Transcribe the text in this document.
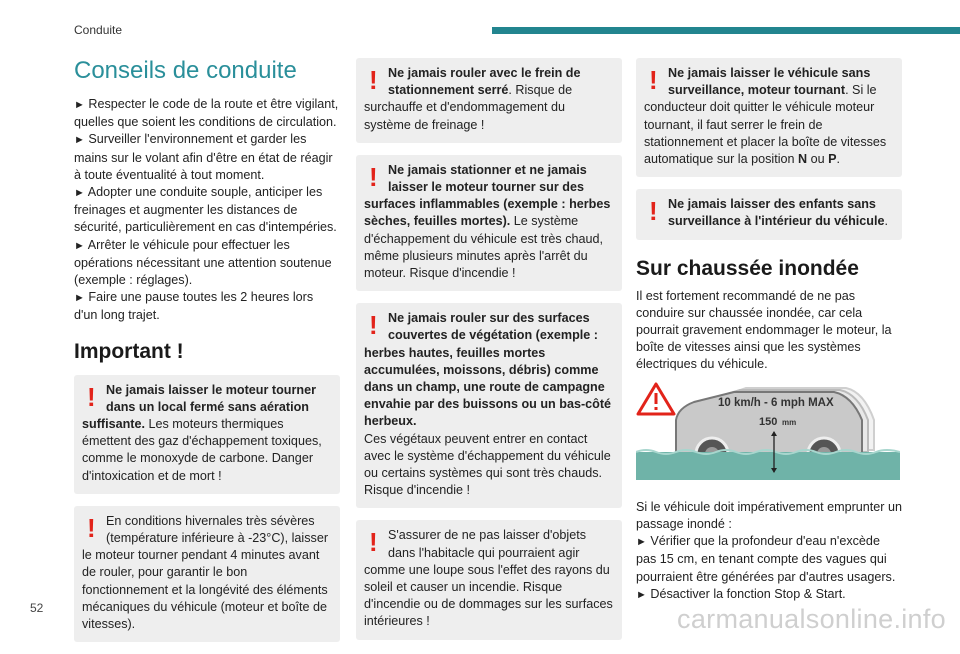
Conduite
Conseils de conduite

► Respecter le code de la route et être vigilant, quelles que soient les conditions de circulation.

► Surveiller l'environnement et garder les mains sur le volant afin d'être en état de réagir à toute éventualité à tout moment.

► Adopter une conduite souple, anticiper les freinages et augmenter les distances de sécurité, particulièrement en cas d'intempéries.

► Arrêter le véhicule pour effectuer les opérations nécessitant une attention soutenue (exemple : réglages).

► Faire une pause toutes les 2 heures lors d'un long trajet.

Important !
! Ne jamais laisser le moteur tourner dans un local fermé sans aération suffisante. Les moteurs thermiques émettent des gaz d'échappement toxiques, comme le monoxyde de carbone. Danger d'intoxication et de mort !
! En conditions hivernales très sévères (température inférieure à -23°C), laisser le moteur tourner pendant 4 minutes avant de rouler, pour garantir le bon fonctionnement et la longévité des éléments mécaniques du véhicule (moteur et boîte de vitesses).
! Ne jamais rouler avec le frein de stationnement serré. Risque de surchauffe et d'endommagement du système de freinage !
! Ne jamais stationner et ne jamais laisser le moteur tourner sur des surfaces inflammables (exemple : herbes sèches, feuilles mortes). Le système d'échappement du véhicule est très chaud, même plusieurs minutes après l'arrêt du moteur. Risque d'incendie !
! Ne jamais rouler sur des surfaces couvertes de végétation (exemple : herbes hautes, feuilles mortes accumulées, moissons, débris) comme dans un champ, une route de campagne envahie par des buissons ou un bas-côté herbeux.
Ces végétaux peuvent entrer en contact avec le système d'échappement du véhicule ou certains systèmes qui sont très chauds. Risque d'incendie !
! S'assurer de ne pas laisser d'objets dans l'habitacle qui pourraient agir comme une loupe sous l'effet des rayons du soleil et causer un incendie. Risque d'incendie ou de dommages sur les surfaces intérieures !
! Ne jamais laisser le véhicule sans surveillance, moteur tournant. Si le conducteur doit quitter le véhicule moteur tournant, il faut serrer le frein de stationnement et placer la boîte de vitesses automatique sur la position N ou P.
! Ne jamais laisser des enfants sans surveillance à l'intérieur du véhicule.
Sur chaussée inondée

Il est fortement recommandé de ne pas conduire sur chaussée inondée, car cela pourrait gravement endommager le moteur, la boîte de vitesses ainsi que les systèmes électriques du véhicule.

10 km/h - 6 mph MAX
150 mm

Si le véhicule doit impérativement emprunter un passage inondé :

► Vérifier que la profondeur d'eau n'excède pas 15 cm, en tenant compte des vagues qui pourraient être générées par d'autres usagers.

► Désactiver la fonction Stop & Start.

52	carmanualsonline.info
